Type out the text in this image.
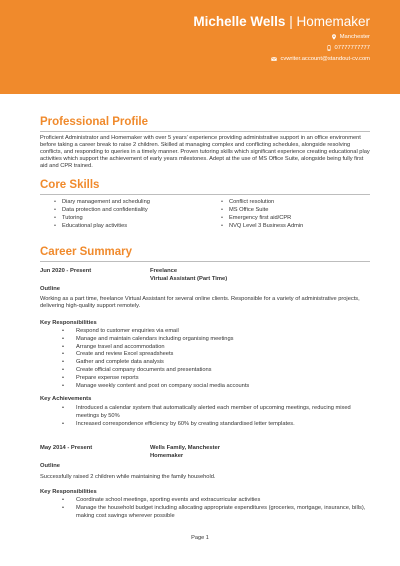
Michelle Wells | Homemaker
Manchester
07777777777
cvwriter.account@standout-cv.com
Professional Profile

Proficient Administrator and Homemaker with over 5 years’ experience providing administrative support in an office environment before taking a career break to raise 2 children. Skilled at managing complex and conflicting schedules, alongside resolving conflicts, and responding to queries in a timely manner. Proven tutoring skills which significant experience creating educational play activities which support the achievement of early years milestones. Adept at the use of MS Office Suite, alongside being fully first aid and CPR trained.

Core Skills
• Diary management and scheduling	• Conflict resolution
• Data protection and confidentiality	• MS Office Suite
• Tutoring	• Emergency first aid/CPR
• Educational play activities	• NVQ Level 3 Business Admin
Career Summary
Jun 2020 - Present	Freelance
Virtual Assistant (Part Time)
Outline

Working as a part time, freelance Virtual Assistant for several online clients. Responsible for a variety of administrative projects, delivering high-quality support remotely.

Key Responsibilities
• Respond to customer enquiries via email
• Manage and maintain calendars including organising meetings
• Arrange travel and accommodation
• Create and review Excel spreadsheets
• Gather and complete data analysis
• Create official company documents and presentations
• Prepare expense reports
• Manage weekly content and post on company social media accounts
Key Achievements
• Introduced a calendar system that automatically alerted each member of upcoming meetings, reducing mixed meetings by 50%
• Increased correspondence efficiency by 60% by creating standardised letter templates.
May 2014 - Present	Wells Family, Manchester
Homemaker
Outline

Successfully raised 2 children while maintaining the family household.

Key Responsibilities
• Coordinate school meetings, sporting events and extracurricular activities
• Manage the household budget including allocating appropriate expenditures (groceries, mortgage, insurance, bills), making cost savings wherever possible
Page 1
